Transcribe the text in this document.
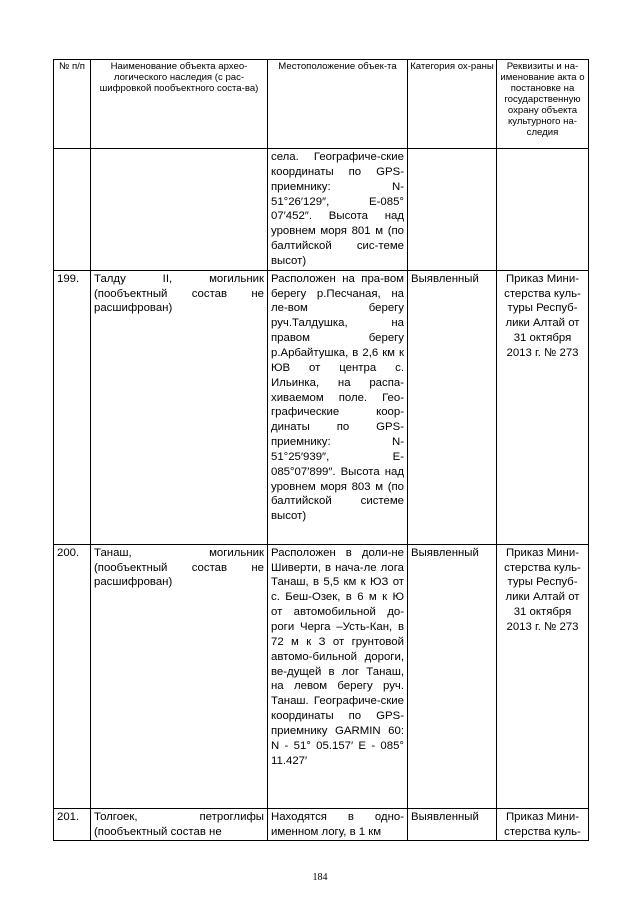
№ п/п	Наименование объекта архео-логического наследия (с рас-шифровкой пообъектного соста-ва)	Местоположение объек-та	Категория ох-раны	Реквизиты и на-именование акта о постановке на государственную охрану объекта культурного на-следия
		села. Географиче-ские координаты по GPS-приемнику: N-51°26′129″, E-085° 07′452″. Высота над уровнем моря 801 м (по балтийской сис-теме высот)		
199.	Талду II, могильник (пообъектный состав не расшифрован)	Расположен на пра-вом берегу р.Песчаная, на ле-вом берегу руч.Талдушка, на правом берегу р.Арбайтушка, в 2,6 км к ЮВ от центра с. Ильинка, на распа-хиваемом поле. Гео-графические коор-динаты по GPS-приемнику: N-51°25′939″, E-085°07′899″. Высота над уровнем моря 803 м (по балтийской системе высот)	Выявленный	Приказ Мини-стерства куль-туры Респуб-лики Алтай от 31 октября 2013 г. № 273
200.	Танаш, могильник (пообъектный состав не расшифрован)	Расположен в доли-не Шиверти, в нача-ле лога Танаш, в 5,5 км к ЮЗ от с. Беш-Озек, в 6 м к Ю от автомобильной до-роги Черга –Усть-Кан, в 72 м к З от грунтовой автомо-бильной дороги, ве-дущей в лог Танаш, на левом берегу руч. Танаш. Географиче-ские координаты по GPS-приемнику GARMIN 60: N - 51° 05.157′ E - 085° 11.427′	Выявленный	Приказ Мини-стерства куль-туры Респуб-лики Алтай от 31 октября 2013 г. № 273
201.	Толгоек, петроглифы (пообъектный состав не	Находятся в одно-именном логу, в 1 км	Выявленный	Приказ Мини-стерства куль-
184
